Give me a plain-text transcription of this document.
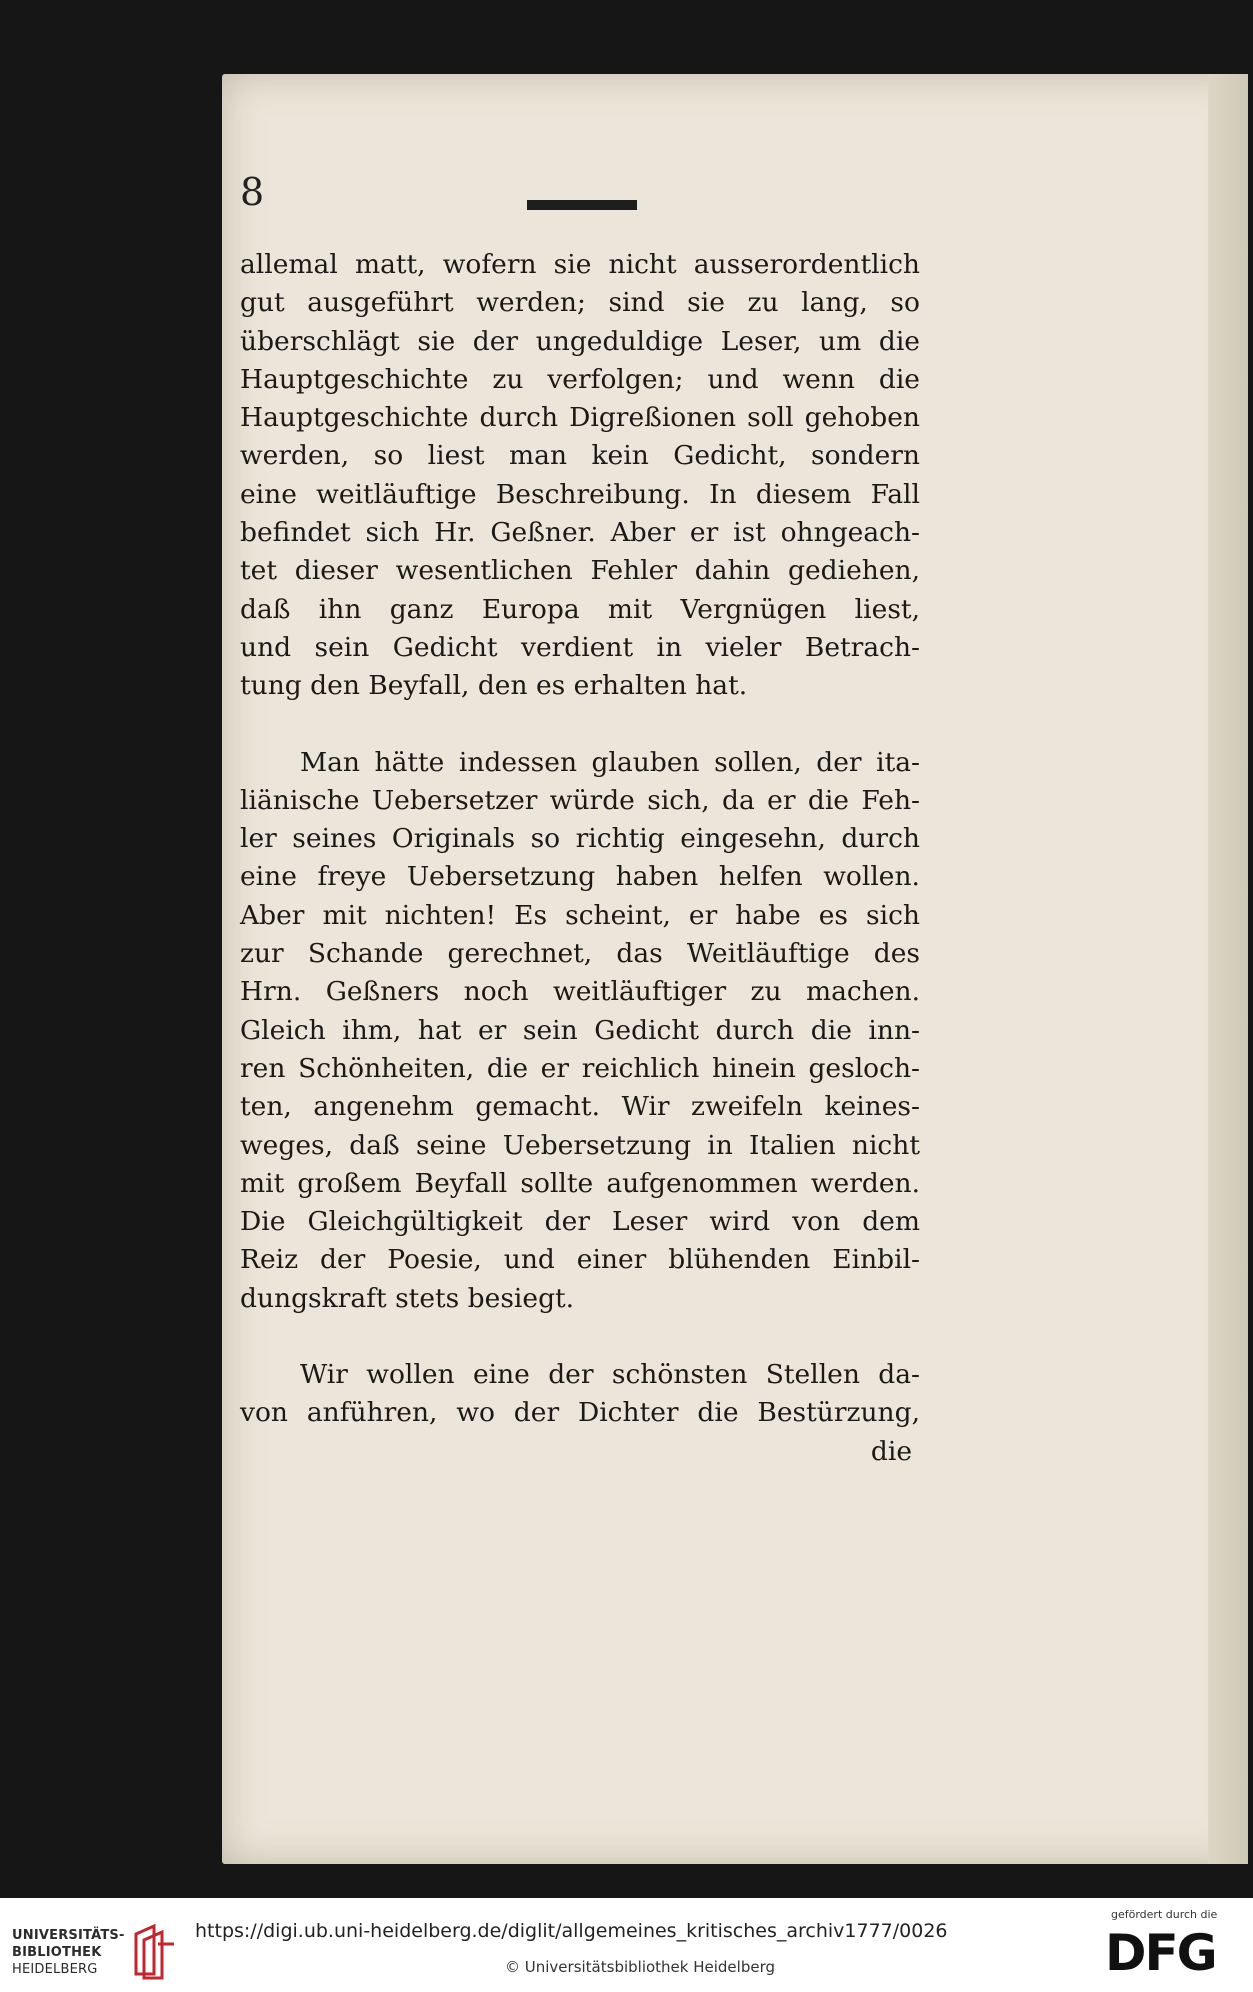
8
allemal matt, wofern sie nicht ausserordentlich
gut ausgeführt werden; sind sie zu lang, so
überschlägt sie der ungeduldige Leser, um die
Hauptgeschichte zu verfolgen; und wenn die
Hauptgeschichte durch Digreßionen soll gehoben
werden, so liest man kein Gedicht, sondern
eine weitläuftige Beschreibung. In diesem Fall
befindet sich Hr. Geßner. Aber er ist ohngeach-
tet dieser wesentlichen Fehler dahin gediehen,
daß ihn ganz Europa mit Vergnügen liest,
und sein Gedicht verdient in vieler Betrach-
tung den Beyfall, den es erhalten hat.
Man hätte indessen glauben sollen, der ita-
liänische Uebersetzer würde sich, da er die Feh-
ler seines Originals so richtig eingesehn, durch
eine freye Uebersetzung haben helfen wollen.
Aber mit nichten! Es scheint, er habe es sich
zur Schande gerechnet, das Weitläuftige des
Hrn. Geßners noch weitläuftiger zu machen.
Gleich ihm, hat er sein Gedicht durch die inn-
ren Schönheiten, die er reichlich hinein gesloch-
ten, angenehm gemacht. Wir zweifeln keines-
weges, daß seine Uebersetzung in Italien nicht
mit großem Beyfall sollte aufgenommen werden.
Die Gleichgültigkeit der Leser wird von dem
Reiz der Poesie, und einer blühenden Einbil-
dungskraft stets besiegt.
Wir wollen eine der schönsten Stellen da-
von anführen, wo der Dichter die Bestürzung,
die
UNIVERSITÄTS-
BIBLIOTHEK
HEIDELBERG
https://digi.ub.uni-heidelberg.de/diglit/allgemeines_kritisches_archiv1777/0026
© Universitätsbibliothek Heidelberg
gefördert durch die
DFG
